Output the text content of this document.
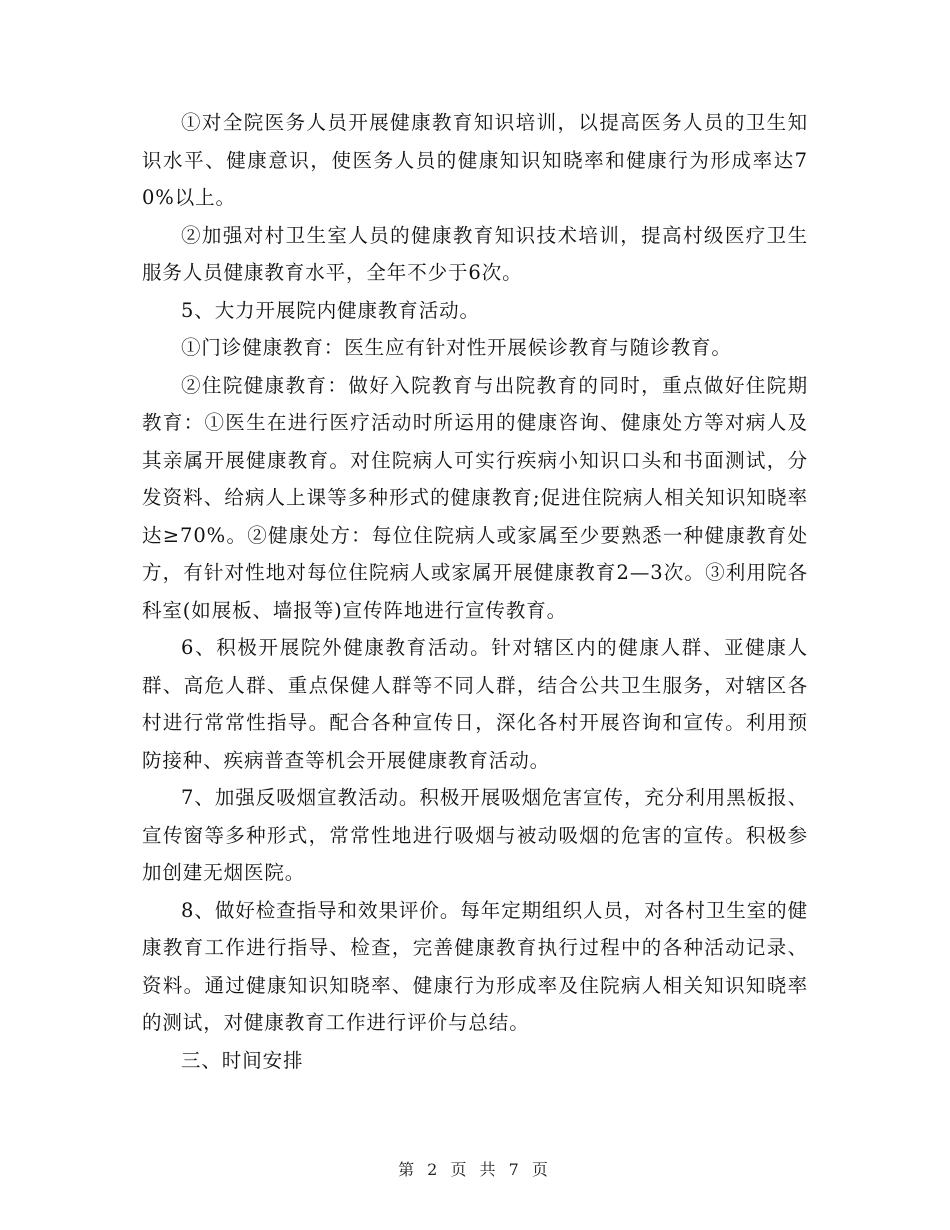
①对全院医务人员开展健康教育知识培训，以提高医务人员的卫生知识水平、健康意识，使医务人员的健康知识知晓率和健康行为形成率达70%以上。

②加强对村卫生室人员的健康教育知识技术培训，提高村级医疗卫生服务人员健康教育水平，全年不少于6次。

5、大力开展院内健康教育活动。

①门诊健康教育：医生应有针对性开展候诊教育与随诊教育。

②住院健康教育：做好入院教育与出院教育的同时，重点做好住院期教育：①医生在进行医疗活动时所运用的健康咨询、健康处方等对病人及其亲属开展健康教育。对住院病人可实行疾病小知识口头和书面测试，分发资料、给病人上课等多种形式的健康教育;促进住院病人相关知识知晓率达≥70%。②健康处方：每位住院病人或家属至少要熟悉一种健康教育处方，有针对性地对每位住院病人或家属开展健康教育2—3次。③利用院各科室(如展板、墙报等)宣传阵地进行宣传教育。

6、积极开展院外健康教育活动。针对辖区内的健康人群、亚健康人群、高危人群、重点保健人群等不同人群，结合公共卫生服务，对辖区各村进行常常性指导。配合各种宣传日，深化各村开展咨询和宣传。利用预防接种、疾病普查等机会开展健康教育活动。

7、加强反吸烟宣教活动。积极开展吸烟危害宣传，充分利用黑板报、宣传窗等多种形式，常常性地进行吸烟与被动吸烟的危害的宣传。积极参加创建无烟医院。

8、做好检查指导和效果评价。每年定期组织人员，对各村卫生室的健康教育工作进行指导、检查，完善健康教育执行过程中的各种活动记录、资料。通过健康知识知晓率、健康行为形成率及住院病人相关知识知晓率的测试，对健康教育工作进行评价与总结。

三、时间安排

第 2 页 共 7 页
